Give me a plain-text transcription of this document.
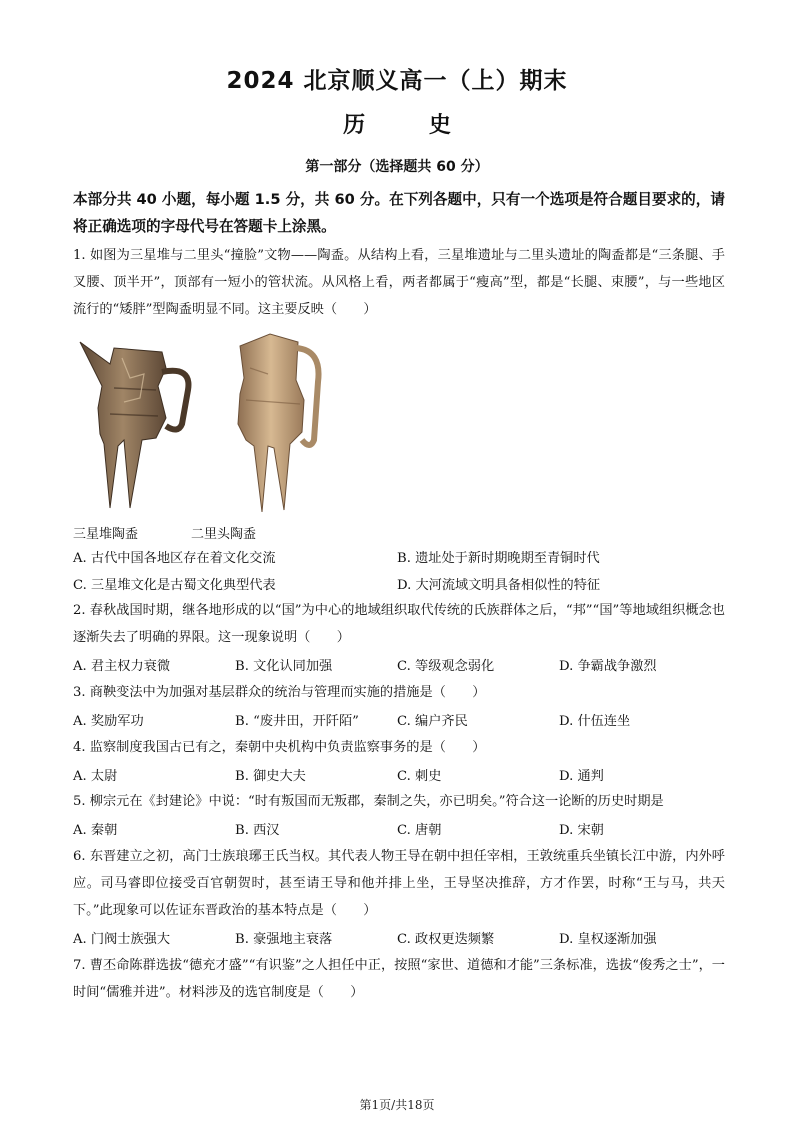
2024 北京顺义高一（上）期末
历 史
第一部分（选择题共 60 分）
本部分共 40 小题，每小题 1.5 分，共 60 分。在下列各题中，只有一个选项是符合题目要求的，请将正确选项的字母代号在答题卡上涂黑。
1. 如图为三星堆与二里头“撞脸”文物——陶盉。从结构上看，三星堆遗址与二里头遗址的陶盉都是“三条腿、手叉腰、顶半开”，顶部有一短小的管状流。从风格上看，两者都属于“瘦高”型，都是“长腿、束腰”，与一些地区流行的“矮胖”型陶盉明显不同。这主要反映（　　）
三星堆陶盉	二里头陶盉
A. 古代中国各地区存在着文化交流	B. 遗址处于新时期晚期至青铜时代
C. 三星堆文化是古蜀文化典型代表	D. 大河流域文明具备相似性的特征
2. 春秋战国时期，继各地形成的以“国”为中心的地域组织取代传统的氏族群体之后，“邦”“国”等地域组织概念也逐渐失去了明确的界限。这一现象说明（　　）
A. 君主权力衰微	B. 文化认同加强	C. 等级观念弱化	D. 争霸战争激烈
3. 商鞅变法中为加强对基层群众的统治与管理而实施的措施是（　　）
A. 奖励军功	B. “废井田，开阡陌”	C. 编户齐民	D. 什伍连坐
4. 监察制度我国古已有之，秦朝中央机构中负责监察事务的是（　　）
A. 太尉	B. 御史大夫	C. 刺史	D. 通判
5. 柳宗元在《封建论》中说：“时有叛国而无叛郡，秦制之失，亦已明矣。”符合这一论断的历史时期是
A. 秦朝	B. 西汉	C. 唐朝	D. 宋朝
6. 东晋建立之初，高门士族琅琊王氏当权。其代表人物王导在朝中担任宰相，王敦统重兵坐镇长江中游，内外呼应。司马睿即位接受百官朝贺时，甚至请王导和他并排上坐，王导坚决推辞，方才作罢，时称“王与马，共天下。”此现象可以佐证东晋政治的基本特点是（　　）
A. 门阀士族强大	B. 豪强地主衰落	C. 政权更迭频繁	D. 皇权逐渐加强
7. 曹丕命陈群选拔“德充才盛”“有识鉴”之人担任中正，按照“家世、道德和才能”三条标准，选拔“俊秀之士”，一时间“儒雅并进”。材料涉及的选官制度是（　　）
第1页/共18页
